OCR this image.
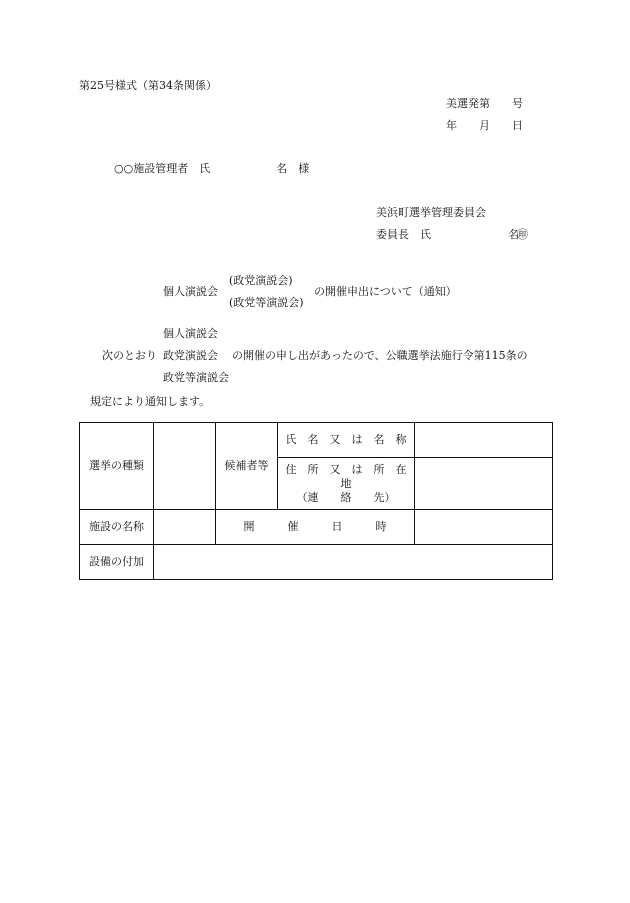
第25号様式（第34条関係）
美選発第　　号
年　　月　　日
○○施設管理者　氏　　　　　　名　様
美浜町選挙管理委員会
委員長　氏　　　　　　　名
㊞
個人演説会
(政党演説会)
(政党等演説会)
の開催申出について（通知）
個人演説会
次のとおり 政党演説会 の開催の申し出があったので、公職選挙法施行令第115条の
政党等演説会
規定により通知します。
選挙の種類		候補者等	氏　名　又　は　名　称	

			住　所　又　は　所　在　地
（連　　絡　　先）	

施設の名称		開　　　催　　　日　　　時		
設備の付加				
